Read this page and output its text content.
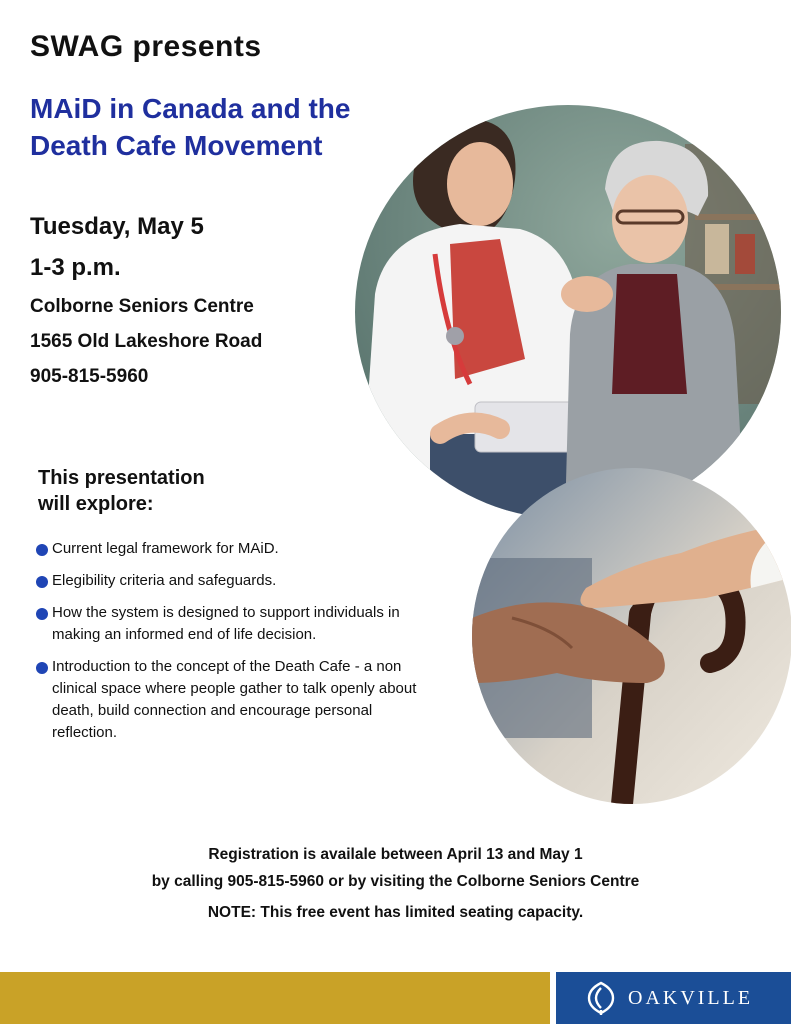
SWAG presents
MAiD in Canada and the
Death Cafe Movement
Tuesday, May 5
1-3 p.m.
Colborne Seniors Centre
1565 Old Lakeshore Road
905-815-5960
This presentation
will explore:
Current legal framework for MAiD.
Elegibility criteria and safeguards.
How the system is designed to support individuals in making an informed end of life decision.
Introduction to the concept of the Death Cafe - a non clinical space where people gather to talk openly about death, build connection and encourage personal reflection.
Registration is availale between April 13 and May 1
by calling 905-815-5960 or by visiting the Colborne Seniors Centre
NOTE: This free event has limited seating capacity.
OAKVILLE
